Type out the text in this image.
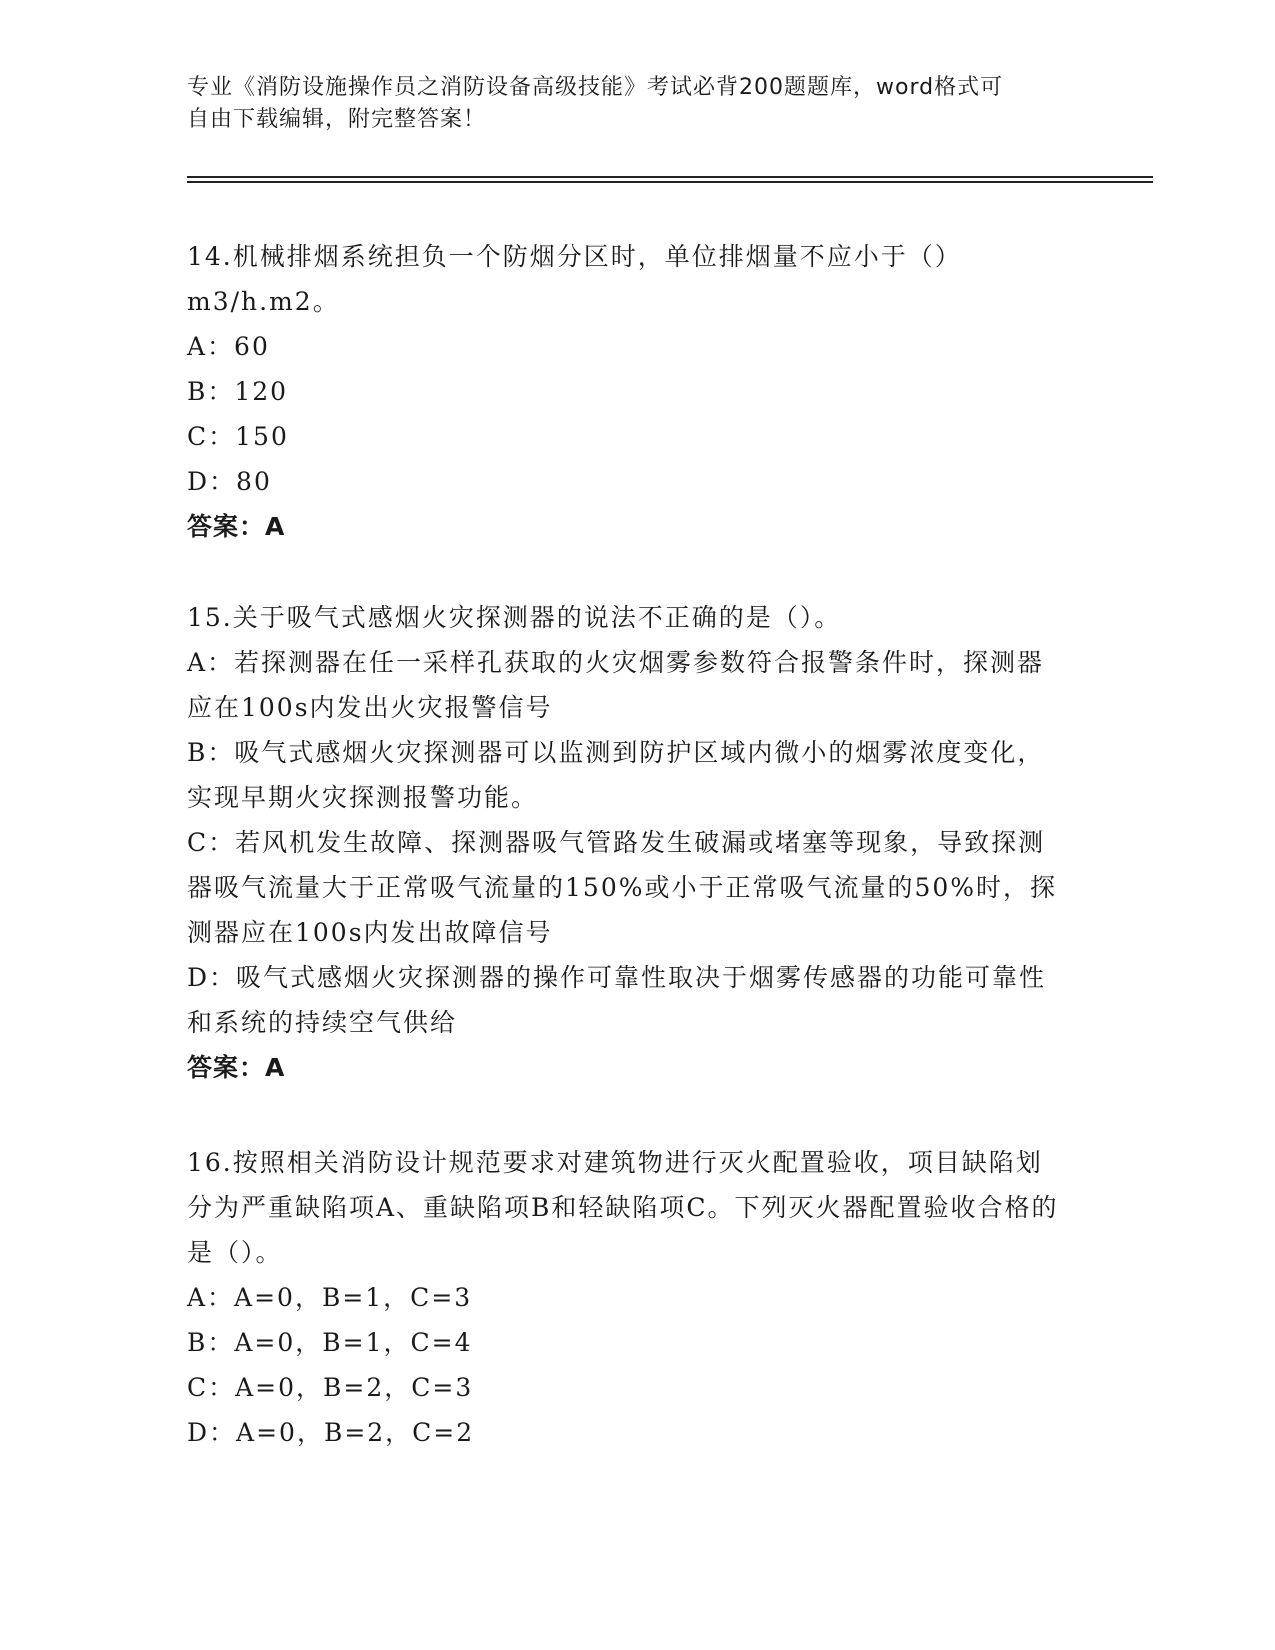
专业《消防设施操作员之消防设备高级技能》考试必背200题题库，word格式可
自由下载编辑，附完整答案！
14.机械排烟系统担负一个防烟分区时，单位排烟量不应小于（）
m3/h.m2。
A：60
B：120
C：150
D：80
答案：A
15.关于吸气式感烟火灾探测器的说法不正确的是（）。
A：若探测器在任一采样孔获取的火灾烟雾参数符合报警条件时，探测器应在100s内发出火灾报警信号
B：吸气式感烟火灾探测器可以监测到防护区域内微小的烟雾浓度变化，实现早期火灾探测报警功能。
C：若风机发生故障、探测器吸气管路发生破漏或堵塞等现象，导致探测器吸气流量大于正常吸气流量的150%或小于正常吸气流量的50%时，探测器应在100s内发出故障信号
D：吸气式感烟火灾探测器的操作可靠性取决于烟雾传感器的功能可靠性和系统的持续空气供给
答案：A
16.按照相关消防设计规范要求对建筑物进行灭火配置验收，项目缺陷划分为严重缺陷项A、重缺陷项B和轻缺陷项C。下列灭火器配置验收合格的是（）。
A：A=0，B=1，C=3
B：A=0，B=1，C=4
C：A=0，B=2，C=3
D：A=0，B=2，C=2
